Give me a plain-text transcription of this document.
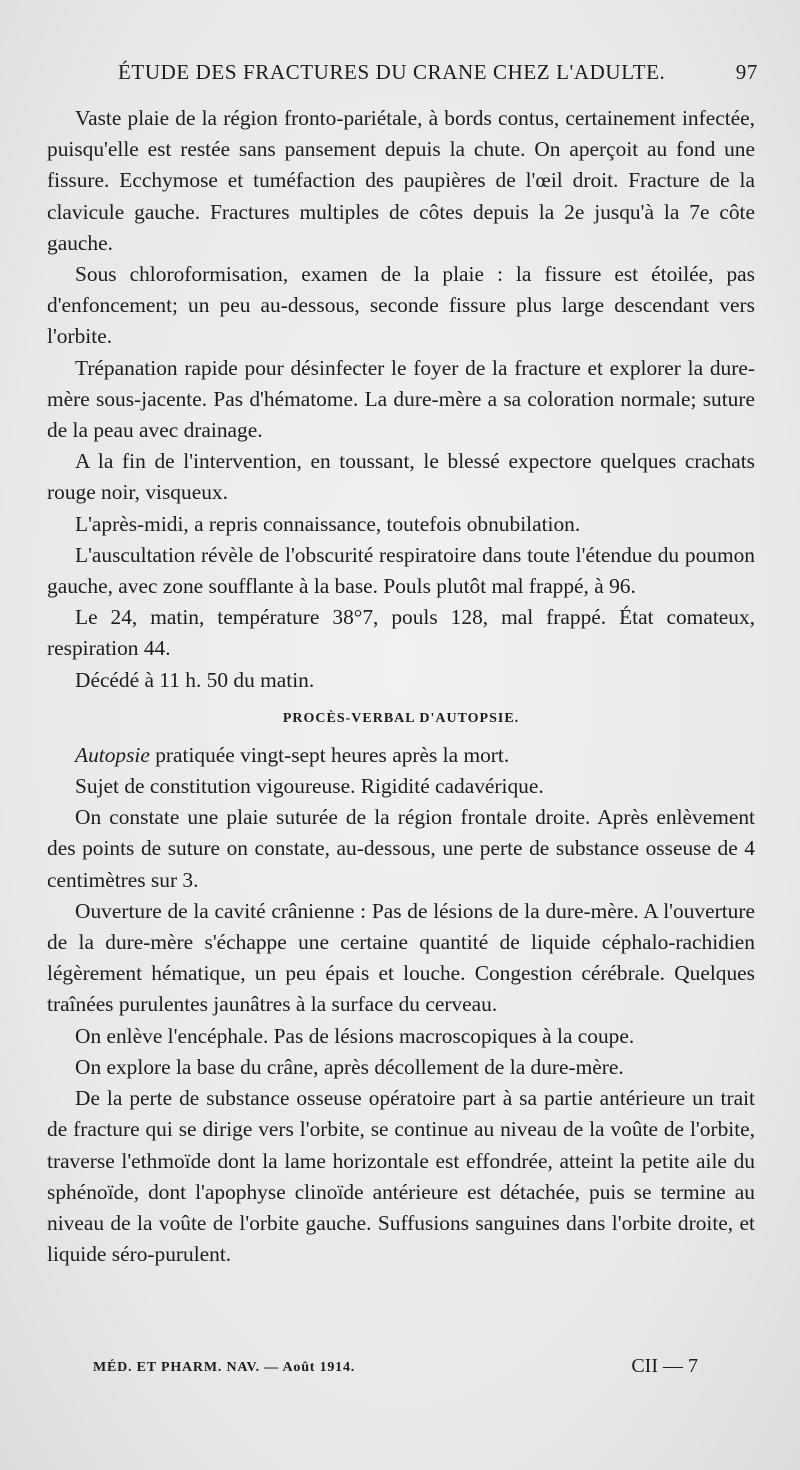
ÉTUDE DES FRACTURES DU CRANE CHEZ L'ADULTE.	97

Vaste plaie de la région fronto-pariétale, à bords contus, certainement infectée, puisqu'elle est restée sans pansement depuis la chute. On aperçoit au fond une fissure. Ecchymose et tuméfaction des paupières de l'œil droit. Fracture de la clavicule gauche. Fractures multiples de côtes depuis la 2e jusqu'à la 7e côte gauche.

Sous chloroformisation, examen de la plaie : la fissure est étoilée, pas d'enfoncement; un peu au-dessous, seconde fissure plus large descendant vers l'orbite.

Trépanation rapide pour désinfecter le foyer de la fracture et explorer la dure-mère sous-jacente. Pas d'hématome. La dure-mère a sa coloration normale; suture de la peau avec drainage.

A la fin de l'intervention, en toussant, le blessé expectore quelques crachats rouge noir, visqueux.

L'après-midi, a repris connaissance, toutefois obnubilation.

L'auscultation révèle de l'obscurité respiratoire dans toute l'étendue du poumon gauche, avec zone soufflante à la base. Pouls plutôt mal frappé, à 96.

Le 24, matin, température 38°7, pouls 128, mal frappé. État comateux, respiration 44.

Décédé à 11 h. 50 du matin.

PROCÈS-VERBAL D'AUTOPSIE.

Autopsie pratiquée vingt-sept heures après la mort.

Sujet de constitution vigoureuse. Rigidité cadavérique.

On constate une plaie suturée de la région frontale droite. Après enlèvement des points de suture on constate, au-dessous, une perte de substance osseuse de 4 centimètres sur 3.

Ouverture de la cavité crânienne : Pas de lésions de la dure-mère. A l'ouverture de la dure-mère s'échappe une certaine quantité de liquide céphalo-rachidien légèrement hématique, un peu épais et louche. Congestion cérébrale. Quelques traînées purulentes jaunâtres à la surface du cerveau.

On enlève l'encéphale. Pas de lésions macroscopiques à la coupe.

On explore la base du crâne, après décollement de la dure-mère.

De la perte de substance osseuse opératoire part à sa partie antérieure un trait de fracture qui se dirige vers l'orbite, se continue au niveau de la voûte de l'orbite, traverse l'ethmoïde dont la lame horizontale est effondrée, atteint la petite aile du sphénoïde, dont l'apophyse clinoïde antérieure est détachée, puis se termine au niveau de la voûte de l'orbite gauche. Suffusions sanguines dans l'orbite droite, et liquide séro-purulent.

MÉD. ET PHARM. NAV. — Août 1914.	CII — 7
